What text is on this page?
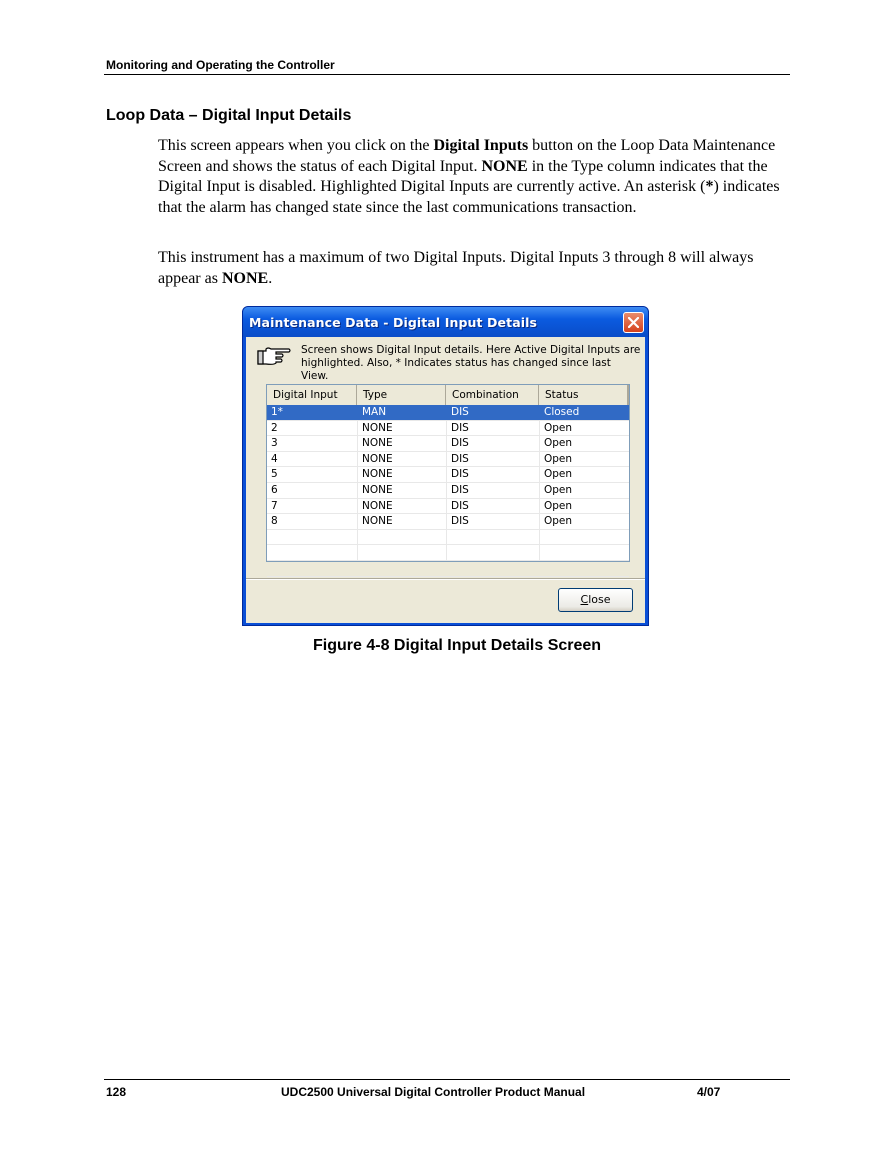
Monitoring and Operating the Controller
Loop Data – Digital Input Details
This screen appears when you click on the Digital Inputs button on the Loop Data Maintenance Screen and shows the status of each Digital Input. NONE in the Type column indicates that the Digital Input is disabled. Highlighted Digital Inputs are currently active. An asterisk (*) indicates that the alarm has changed state since the last communications transaction.
This instrument has a maximum of two Digital Inputs. Digital Inputs 3 through 8 will always appear as NONE.
Maintenance Data - Digital Input Details
Screen shows Digital Input details. Here Active Digital Inputs are
highlighted. Also, * Indicates status has changed since last View.
Digital Input	Type	Combination	Status
1*	MAN	DIS	Closed
2	NONE	DIS	Open
3	NONE	DIS	Open
4	NONE	DIS	Open
5	NONE	DIS	Open
6	NONE	DIS	Open
7	NONE	DIS	Open
8	NONE	DIS	Open
Close
Figure 4-8 Digital Input Details Screen
128	UDC2500 Universal Digital Controller Product Manual	4/07
